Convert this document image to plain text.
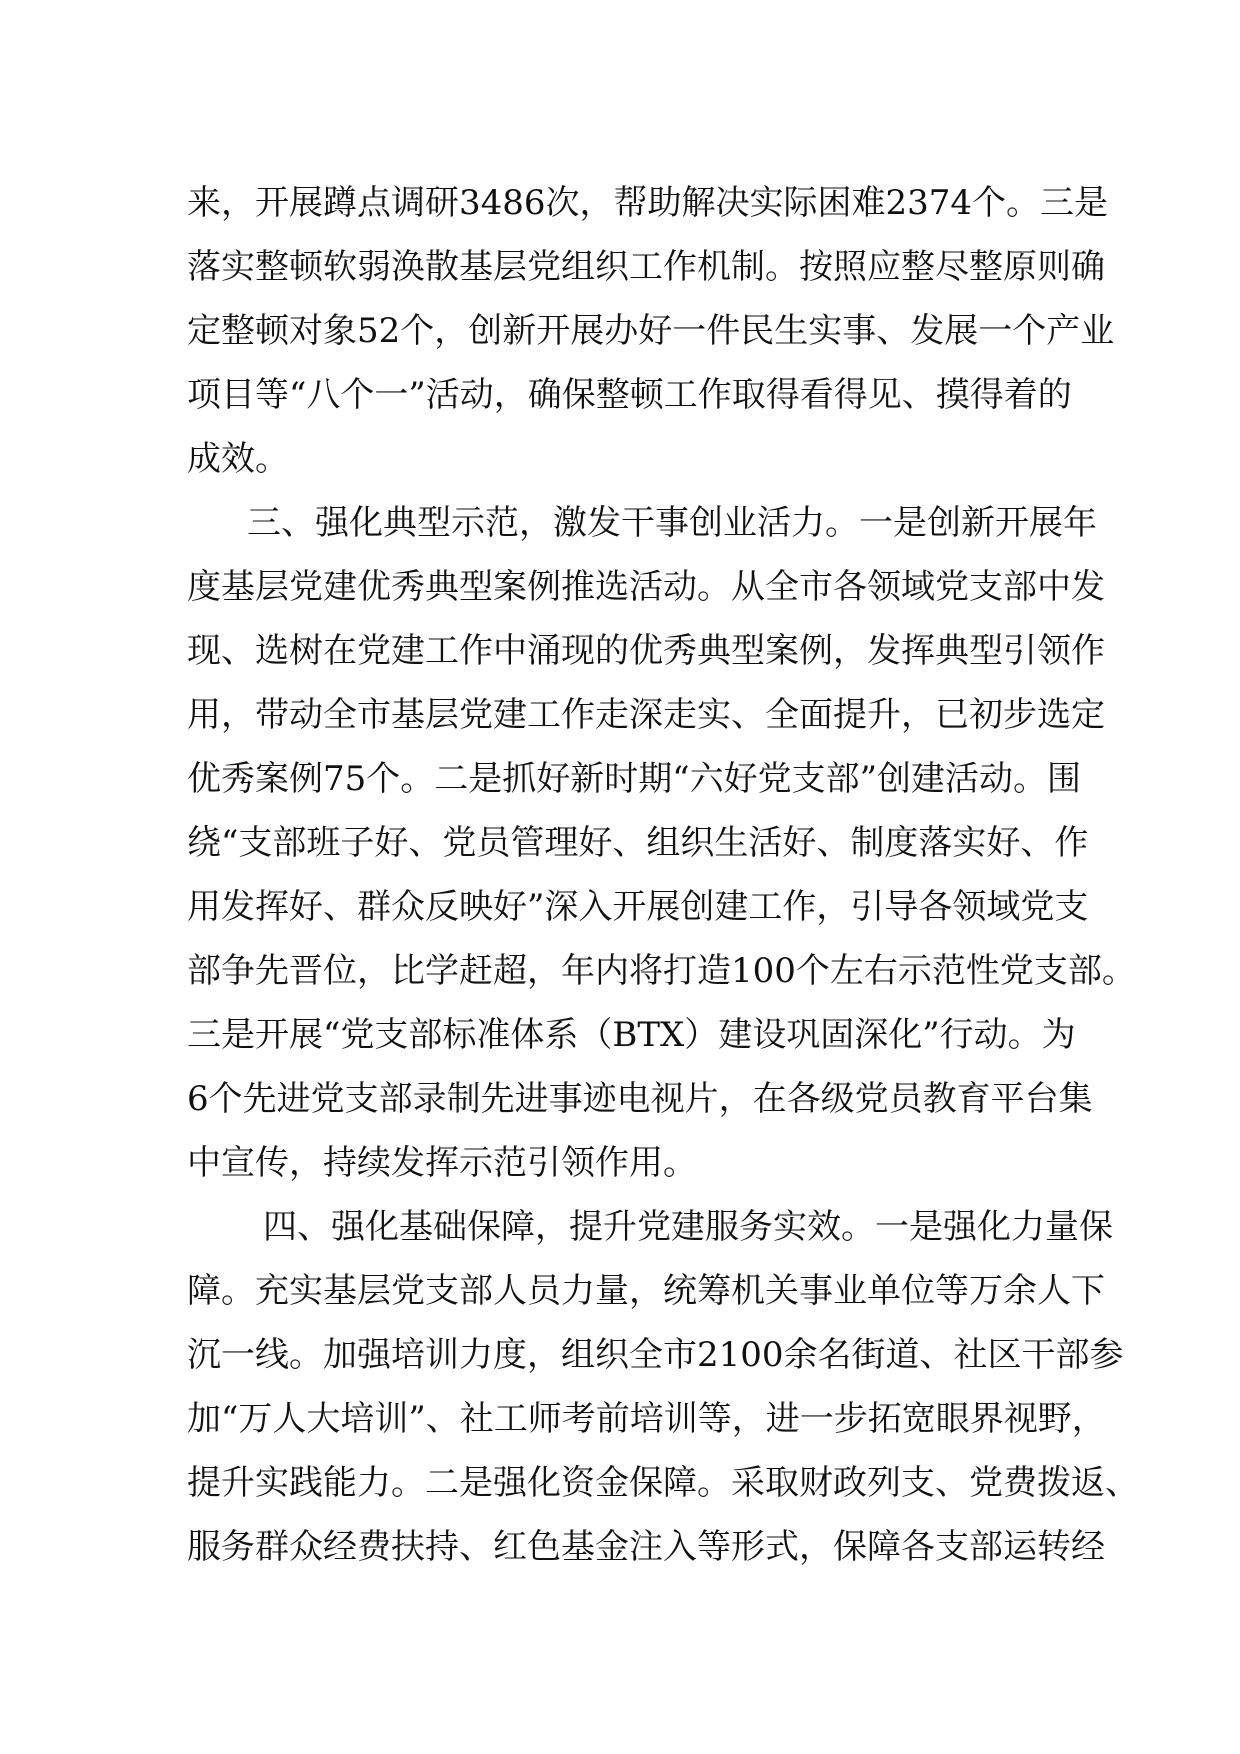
来，开展蹲点调研3486次，帮助解决实际困难2374个。三是
落实整顿软弱涣散基层党组织工作机制。按照应整尽整原则确
定整顿对象52个，创新开展办好一件民生实事、发展一个产业
项目等“八个一”活动，确保整顿工作取得看得见、摸得着的
成效。
三、强化典型示范，激发干事创业活力。一是创新开展年
度基层党建优秀典型案例推选活动。从全市各领域党支部中发
现、选树在党建工作中涌现的优秀典型案例，发挥典型引领作
用，带动全市基层党建工作走深走实、全面提升，已初步选定
优秀案例75个。二是抓好新时期“六好党支部”创建活动。围
绕“支部班子好、党员管理好、组织生活好、制度落实好、作
用发挥好、群众反映好”深入开展创建工作，引导各领域党支
部争先晋位，比学赶超，年内将打造100个左右示范性党支部。
三是开展“党支部标准体系（BTX）建设巩固深化”行动。为
6个先进党支部录制先进事迹电视片，在各级党员教育平台集
中宣传，持续发挥示范引领作用。
四、强化基础保障，提升党建服务实效。一是强化力量保
障。充实基层党支部人员力量，统筹机关事业单位等万余人下
沉一线。加强培训力度，组织全市2100余名街道、社区干部参
加“万人大培训”、社工师考前培训等，进一步拓宽眼界视野，
提升实践能力。二是强化资金保障。采取财政列支、党费拨返、
服务群众经费扶持、红色基金注入等形式，保障各支部运转经
